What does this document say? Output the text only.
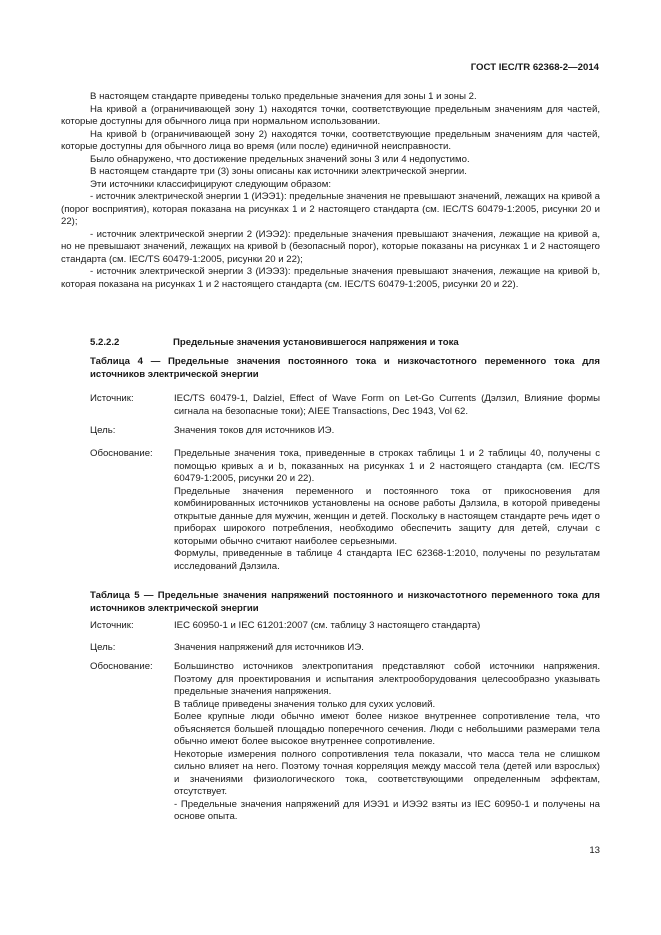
ГОСТ IEC/TR 62368-2—2014

В настоящем стандарте приведены только предельные значения для зоны 1 и зоны 2.

На кривой a (ограничивающей зону 1) находятся точки, соответствующие предельным значениям для частей, которые доступны для обычного лица при нормальном использовании.

На кривой b (ограничивающей зону 2) находятся точки, соответствующие предельным значениям для частей, которые доступны для обычного лица во время (или после) единичной неисправности.

Было обнаружено, что достижение предельных значений зоны 3 или 4 недопустимо.

В настоящем стандарте три (3) зоны описаны как источники электрической энергии.

Эти источники классифицируют следующим образом:

- источник электрической энергии 1 (ИЭЭ1): предельные значения не превышают значений, лежащих на кривой a (порог восприятия), которая показана на рисунках 1 и 2 настоящего стандарта (см. IEC/TS 60479-1:2005, рисунки 20 и 22);

- источник электрической энергии 2 (ИЭЭ2): предельные значения превышают значения, лежащие на кривой a, но не превышают значений, лежащих на кривой b (безопасный порог), которые показаны на рисунках 1 и 2 настоящего стандарта (см. IEC/TS 60479-1:2005, рисунки 20 и 22);

- источник электрической энергии 3 (ИЭЭ3): предельные значения превышают значения, лежащие на кривой b, которая показана на рисунках 1 и 2 настоящего стандарта (см. IEC/TS 60479-1:2005, рисунки 20 и 22).

5.2.2.2	Предельные значения установившегося напряжения и тока
Таблица 4 — Предельные значения постоянного тока и низкочастотного переменного тока для источников электрической энергии
Источник:	IEC/TS 60479-1, Dalziel, Effect of Wave Form on Let-Go Currents (Дэлзил, Влияние формы сигнала на безопасные токи); AIEE Transactions, Dec 1943, Vol 62.
Цель:	Значения токов для источников ИЭ.
Обоснование: Предельные значения тока, приведенные в строках таблицы 1 и 2 таблицы 40, получены с помощью кривых a и b, показанных на рисунках 1 и 2 настоящего стандарта (см. IEC/TS 60479-1:2005, рисунки 20 и 22).

Предельные значения переменного и постоянного тока от прикосновения для комбинированных источников установлены на основе работы Дэлзила, в которой приведены открытые данные для мужчин, женщин и детей. Поскольку в настоящем стандарте речь идет о приборах широкого потребления, необходимо обеспечить защиту для детей, случаи с которыми обычно считают наиболее серьезными.

Формулы, приведенные в таблице 4 стандарта IEC 62368-1:2010, получены по результатам исследований Дэлзила.

Таблица 5 — Предельные значения напряжений постоянного и низкочастотного переменного тока для источников электрической энергии
Источник:	IEC 60950-1 и IEC 61201:2007 (см. таблицу 3 настоящего стандарта)
Цель:	Значения напряжений для источников ИЭ.
Обоснование: Большинство источников электропитания представляют собой источники напряжения. Поэтому для проектирования и испытания электрооборудования целесообразно указывать предельные значения напряжения.

В таблице приведены значения только для сухих условий.

Более крупные люди обычно имеют более низкое внутреннее сопротивление тела, что объясняется большей площадью поперечного сечения. Люди с небольшими размерами тела обычно имеют более высокое внутреннее сопротивление.

Некоторые измерения полного сопротивления тела показали, что масса тела не слишком сильно влияет на него. Поэтому точная корреляция между массой тела (детей или взрослых) и значениями физиологического тока, соответствующими определенным эффектам, отсутствует.

- Предельные значения напряжений для ИЭЭ1 и ИЭЭ2 взяты из IEC 60950-1 и получены на основе опыта.

13
